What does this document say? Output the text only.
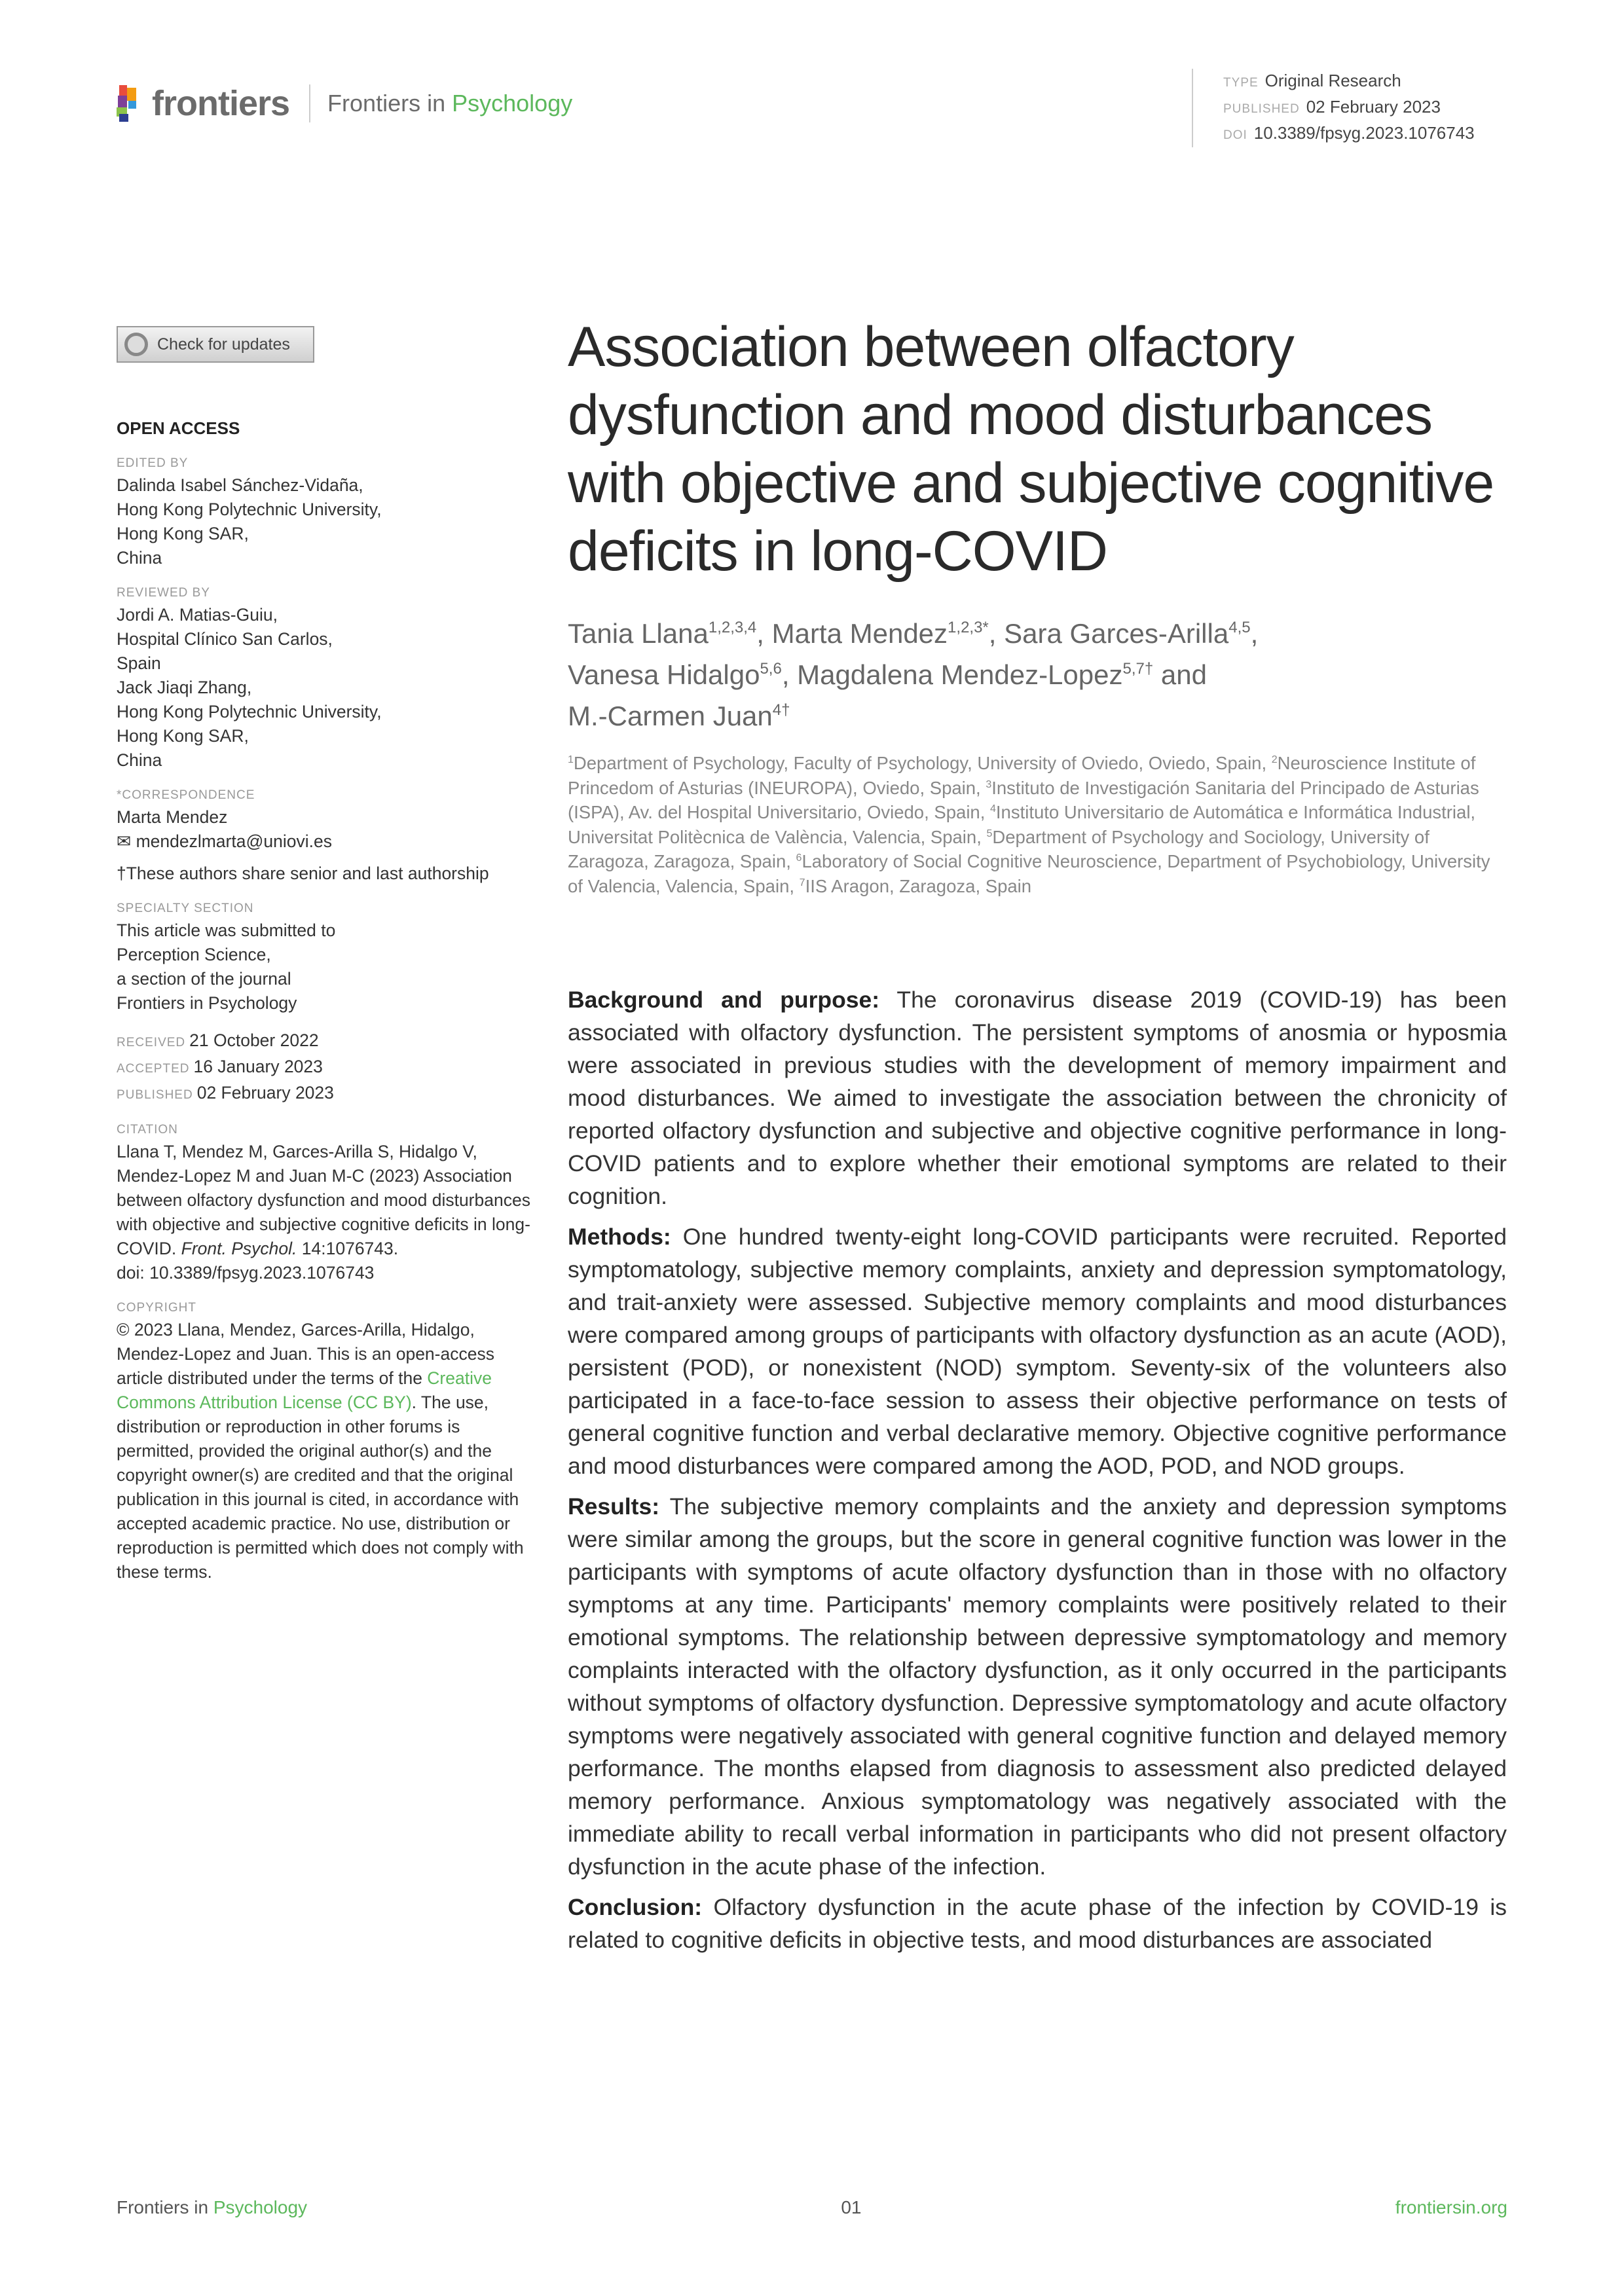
frontiers Frontiers in Psychology
TYPE Original Research
PUBLISHED 02 February 2023
DOI 10.3389/fpsyg.2023.1076743
Check for updates
OPEN ACCESS
EDITED BY
Dalinda Isabel Sánchez-Vidaña,
Hong Kong Polytechnic University,
Hong Kong SAR,
China
REVIEWED BY
Jordi A. Matias-Guiu,
Hospital Clínico San Carlos,
Spain
Jack Jiaqi Zhang,
Hong Kong Polytechnic University,
Hong Kong SAR,
China
*CORRESPONDENCE
Marta Mendez
✉ mendezlmarta@uniovi.es
†These authors share senior and last authorship
SPECIALTY SECTION
This article was submitted to
Perception Science,
a section of the journal
Frontiers in Psychology
RECEIVED 21 October 2022
ACCEPTED 16 January 2023
PUBLISHED 02 February 2023
CITATION
Llana T, Mendez M, Garces-Arilla S, Hidalgo V, Mendez-Lopez M and Juan M-C (2023) Association between olfactory dysfunction and mood disturbances with objective and subjective cognitive deficits in long-COVID. Front. Psychol. 14:1076743.
doi: 10.3389/fpsyg.2023.1076743
COPYRIGHT
© 2023 Llana, Mendez, Garces-Arilla, Hidalgo, Mendez-Lopez and Juan. This is an open-access article distributed under the terms of the Creative Commons Attribution License (CC BY). The use, distribution or reproduction in other forums is permitted, provided the original author(s) and the copyright owner(s) are credited and that the original publication in this journal is cited, in accordance with accepted academic practice. No use, distribution or reproduction is permitted which does not comply with these terms.
Association between olfactory dysfunction and mood disturbances with objective and subjective cognitive deficits in long-COVID
Tania Llana$^{1,2,3,4}$, Marta Mendez$^{1,2,3*}$, Sara Garces-Arilla$^{4,5}$,
Vanesa Hidalgo$^{5,6}$, Magdalena Mendez-Lopez$^{5,7\dagger}$ and
M.-Carmen Juan$^{4\dagger}$
$^1$Department of Psychology, Faculty of Psychology, University of Oviedo, Oviedo, Spain, $^2$Neuroscience Institute of Princedom of Asturias (INEUROPA), Oviedo, Spain, $^3$Instituto de Investigación Sanitaria del Principado de Asturias (ISPA), Av. del Hospital Universitario, Oviedo, Spain, $^4$Instituto Universitario de Automática e Informática Industrial, Universitat Politècnica de València, Valencia, Spain, $^5$Department of Psychology and Sociology, University of Zaragoza, Zaragoza, Spain, $^6$Laboratory of Social Cognitive Neuroscience, Department of Psychobiology, University of Valencia, Valencia, Spain, $^7$IIS Aragon, Zaragoza, Spain

Background and purpose: The coronavirus disease 2019 (COVID-19) has been associated with olfactory dysfunction. The persistent symptoms of anosmia or hyposmia were associated in previous studies with the development of memory impairment and mood disturbances. We aimed to investigate the association between the chronicity of reported olfactory dysfunction and subjective and objective cognitive performance in long-COVID patients and to explore whether their emotional symptoms are related to their cognition.

Methods: One hundred twenty-eight long-COVID participants were recruited. Reported symptomatology, subjective memory complaints, anxiety and depression symptomatology, and trait-anxiety were assessed. Subjective memory complaints and mood disturbances were compared among groups of participants with olfactory dysfunction as an acute (AOD), persistent (POD), or nonexistent (NOD) symptom. Seventy-six of the volunteers also participated in a face-to-face session to assess their objective performance on tests of general cognitive function and verbal declarative memory. Objective cognitive performance and mood disturbances were compared among the AOD, POD, and NOD groups.

Results: The subjective memory complaints and the anxiety and depression symptoms were similar among the groups, but the score in general cognitive function was lower in the participants with symptoms of acute olfactory dysfunction than in those with no olfactory symptoms at any time. Participants' memory complaints were positively related to their emotional symptoms. The relationship between depressive symptomatology and memory complaints interacted with the olfactory dysfunction, as it only occurred in the participants without symptoms of olfactory dysfunction. Depressive symptomatology and acute olfactory symptoms were negatively associated with general cognitive function and delayed memory performance. The months elapsed from diagnosis to assessment also predicted delayed memory performance. Anxious symptomatology was negatively associated with the immediate ability to recall verbal information in participants who did not present olfactory dysfunction in the acute phase of the infection.

Conclusion: Olfactory dysfunction in the acute phase of the infection by COVID-19 is related to cognitive deficits in objective tests, and mood disturbances are associated

Frontiers in Psychology	01	frontiersin.org
